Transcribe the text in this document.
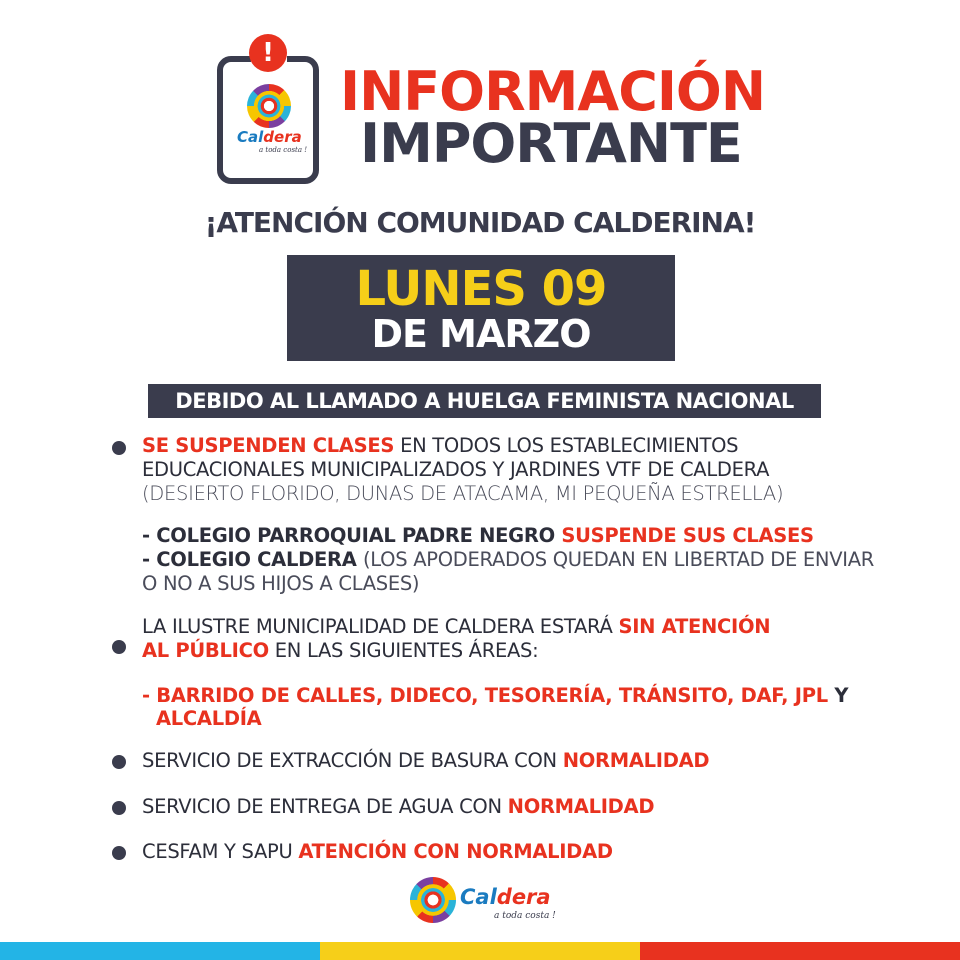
!
Caldera
a toda costa !
INFORMACIÓN
IMPORTANTE
¡ATENCIÓN COMUNIDAD CALDERINA!
LUNES 09
DE MARZO
DEBIDO AL LLAMADO A HUELGA FEMINISTA NACIONAL
SE SUSPENDEN CLASES EN TODOS LOS ESTABLECIMIENTOS
EDUCACIONALES MUNICIPALIZADOS Y JARDINES VTF DE CALDERA
(DESIERTO FLORIDO, DUNAS DE ATACAMA, MI PEQUEÑA ESTRELLA)
- COLEGIO PARROQUIAL PADRE NEGRO SUSPENDE SUS CLASES
- COLEGIO CALDERA (LOS APODERADOS QUEDAN EN LIBERTAD DE ENVIAR
O NO A SUS HIJOS A CLASES)
LA ILUSTRE MUNICIPALIDAD DE CALDERA ESTARÁ SIN ATENCIÓN
AL PÚBLICO EN LAS SIGUIENTES ÁREAS:
- BARRIDO DE CALLES, DIDECO, TESORERÍA, TRÁNSITO, DAF, JPL Y
ALCALDÍA
SERVICIO DE EXTRACCIÓN DE BASURA CON NORMALIDAD
SERVICIO DE ENTREGA DE AGUA CON NORMALIDAD
CESFAM Y SAPU ATENCIÓN CON NORMALIDAD
Caldera
a toda costa !
